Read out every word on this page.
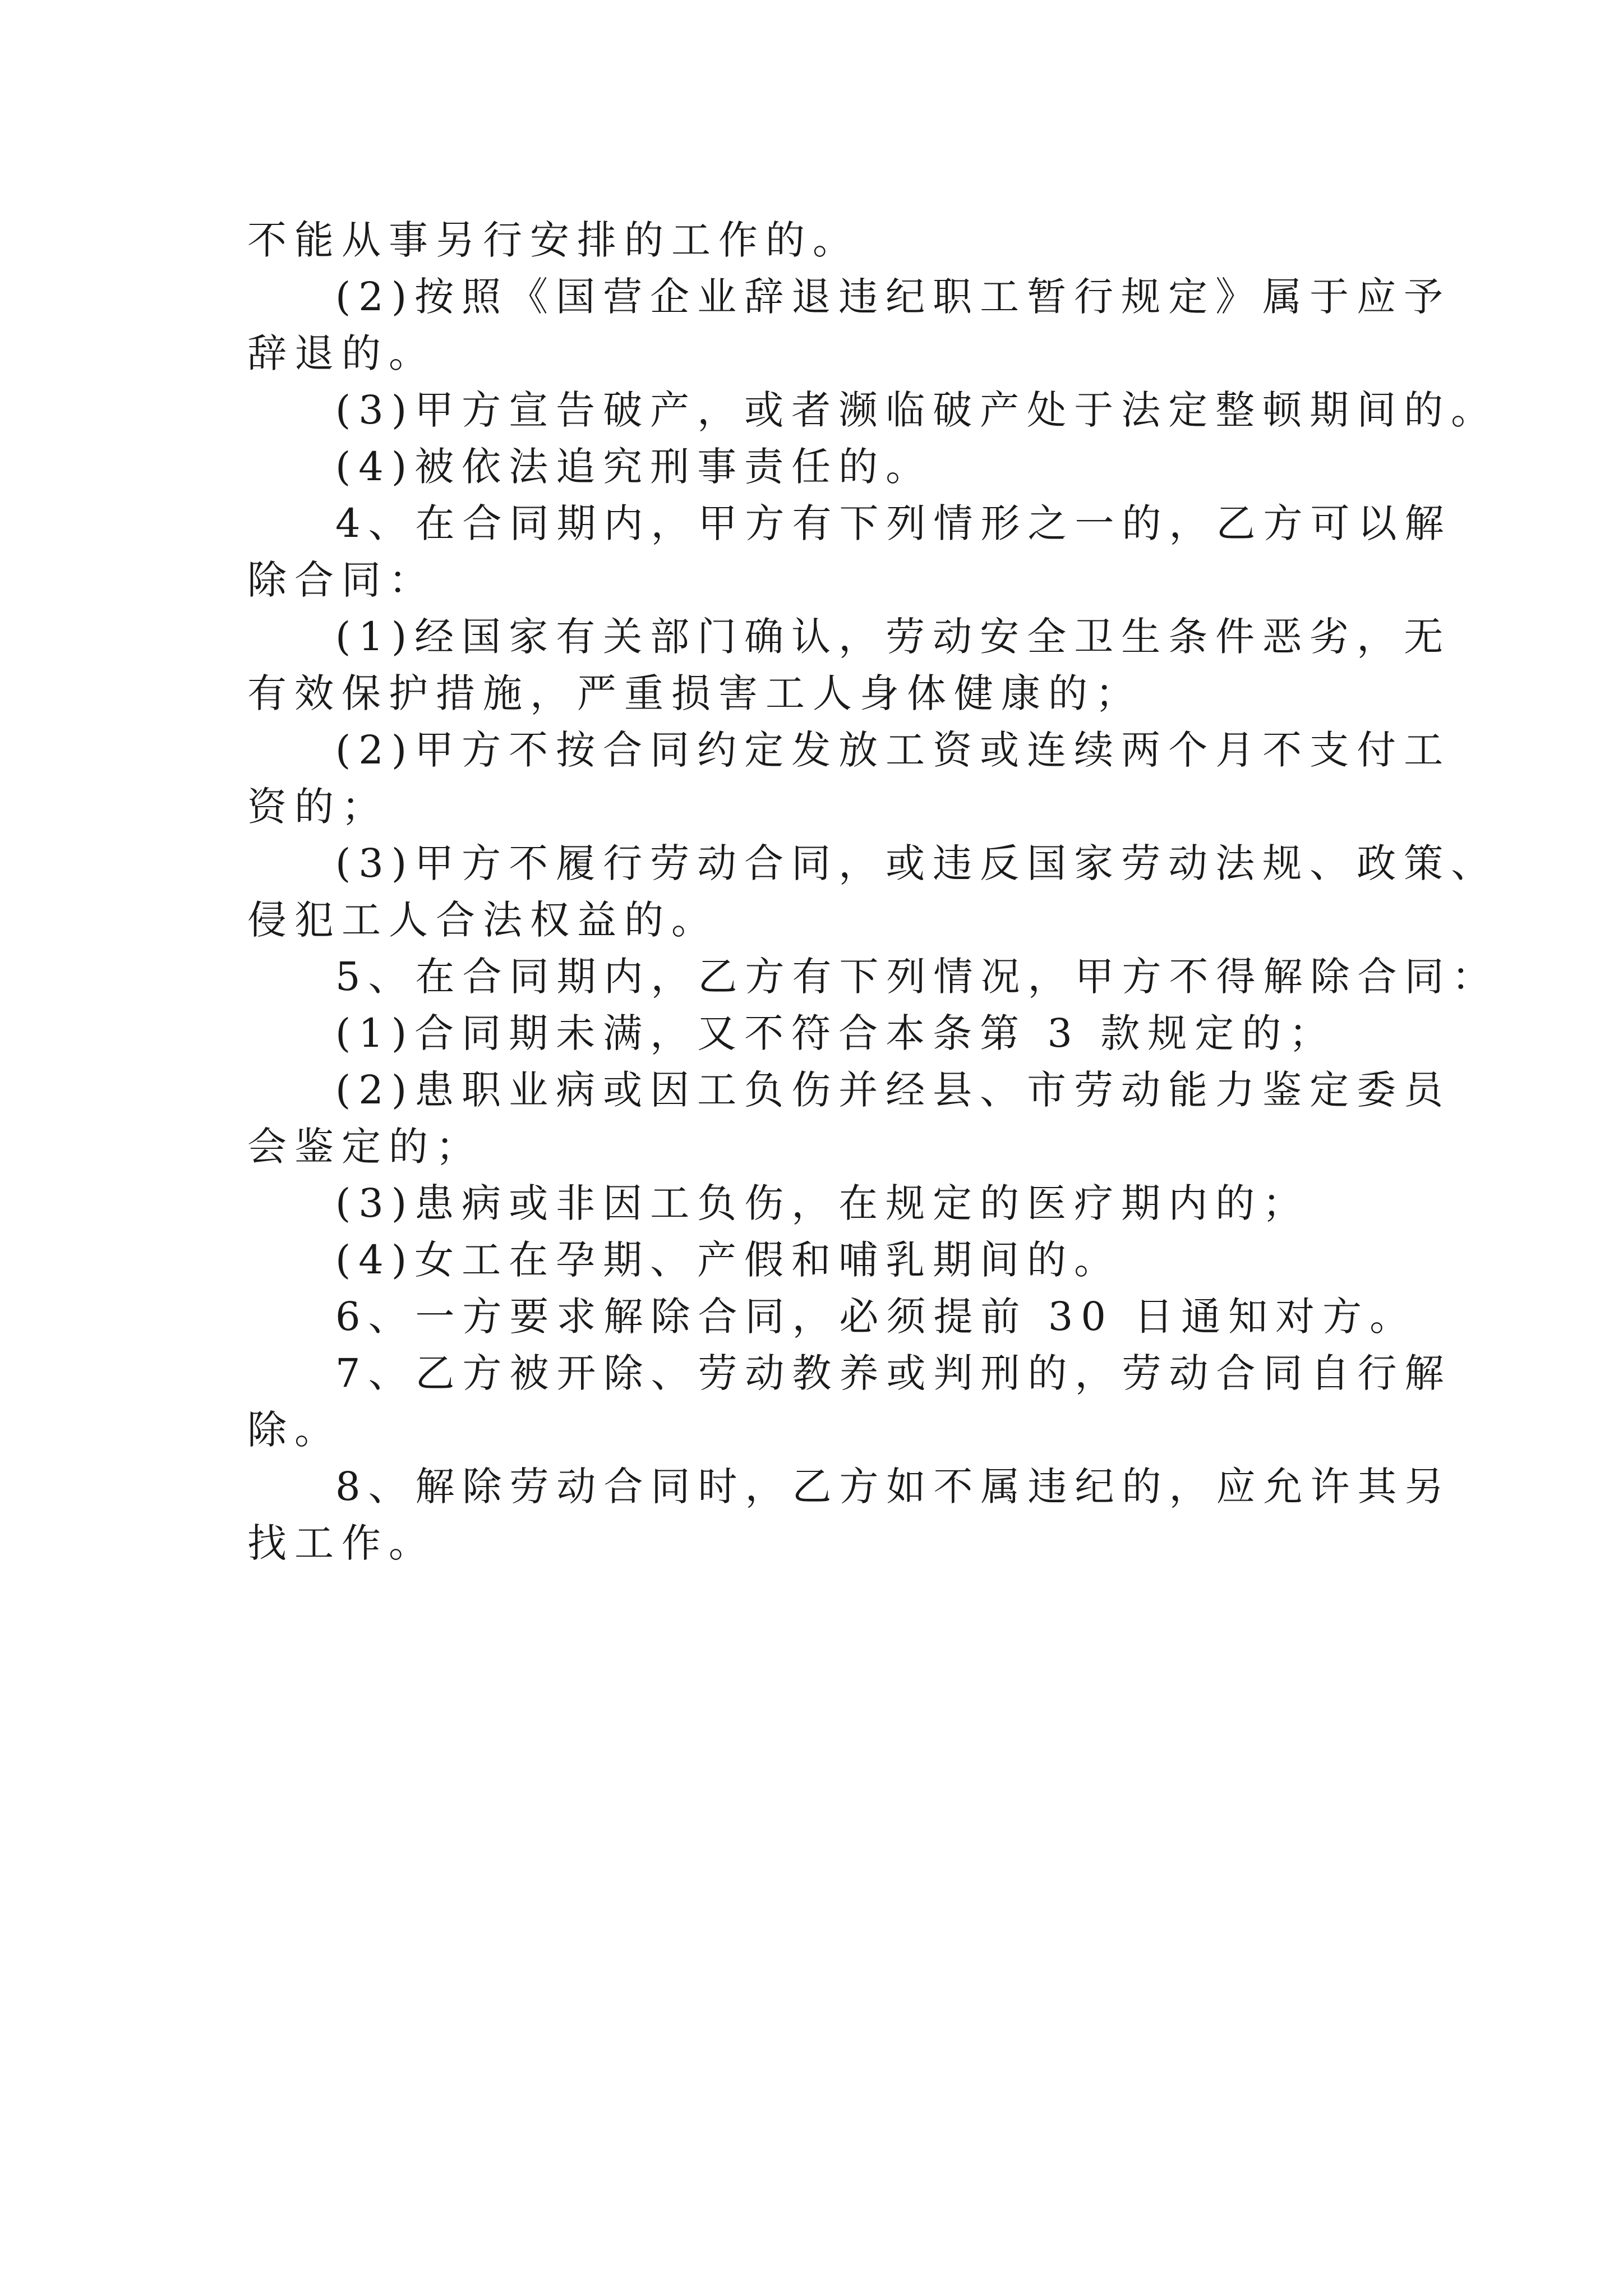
不能从事另行安排的工作的。
(2)按照《国营企业辞退违纪职工暂行规定》属于应予
辞退的。
(3)甲方宣告破产，或者濒临破产处于法定整顿期间的。
(4)被依法追究刑事责任的。
4、在合同期内，甲方有下列情形之一的，乙方可以解
除合同：
(1)经国家有关部门确认，劳动安全卫生条件恶劣，无
有效保护措施，严重损害工人身体健康的；
(2)甲方不按合同约定发放工资或连续两个月不支付工
资的；
(3)甲方不履行劳动合同，或违反国家劳动法规、政策、
侵犯工人合法权益的。
5、在合同期内，乙方有下列情况，甲方不得解除合同：
(1)合同期未满，又不符合本条第 3 款规定的；
(2)患职业病或因工负伤并经县、市劳动能力鉴定委员
会鉴定的；
(3)患病或非因工负伤，在规定的医疗期内的；
(4)女工在孕期、产假和哺乳期间的。
6、一方要求解除合同，必须提前 30 日通知对方。
7、乙方被开除、劳动教养或判刑的，劳动合同自行解
除。
8、解除劳动合同时，乙方如不属违纪的，应允许其另
找工作。
